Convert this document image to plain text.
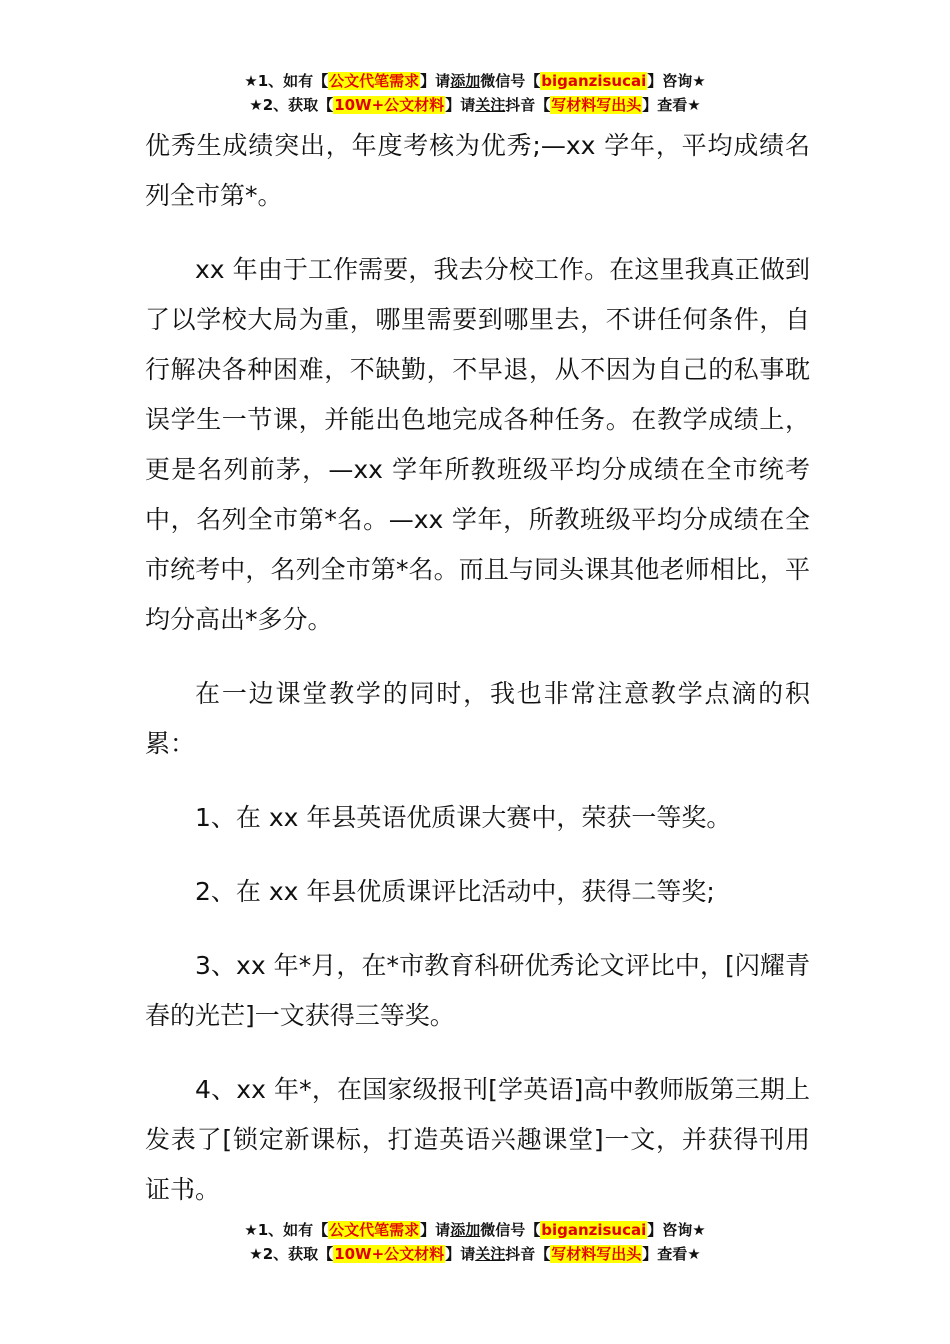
★1、如有【公文代笔需求】请添加微信号【biganzisucai】咨询★
★2、获取【10W+公文材料】请关注抖音【写材料写出头】查看★

优秀生成绩突出，年度考核为优秀;—xx 学年，平均成绩名列全市第*。

xx 年由于工作需要，我去分校工作。在这里我真正做到了以学校大局为重，哪里需要到哪里去，不讲任何条件，自行解决各种困难，不缺勤，不早退，从不因为自己的私事耽误学生一节课，并能出色地完成各种任务。在教学成绩上，更是名列前茅，—xx 学年所教班级平均分成绩在全市统考中，名列全市第*名。—xx 学年，所教班级平均分成绩在全市统考中，名列全市第*名。而且与同头课其他老师相比，平均分高出*多分。

在一边课堂教学的同时，我也非常注意教学点滴的积累：

1、在 xx 年县英语优质课大赛中，荣获一等奖。

2、在 xx 年县优质课评比活动中，获得二等奖;

3、xx 年*月，在*市教育科研优秀论文评比中，[闪耀青春的光芒]一文获得三等奖。

4、xx 年*，在国家级报刊[学英语]高中教师版第三期上发表了[锁定新课标，打造英语兴趣课堂]一文，并获得刊用证书。

★1、如有【公文代笔需求】请添加微信号【biganzisucai】咨询★
★2、获取【10W+公文材料】请关注抖音【写材料写出头】查看★
